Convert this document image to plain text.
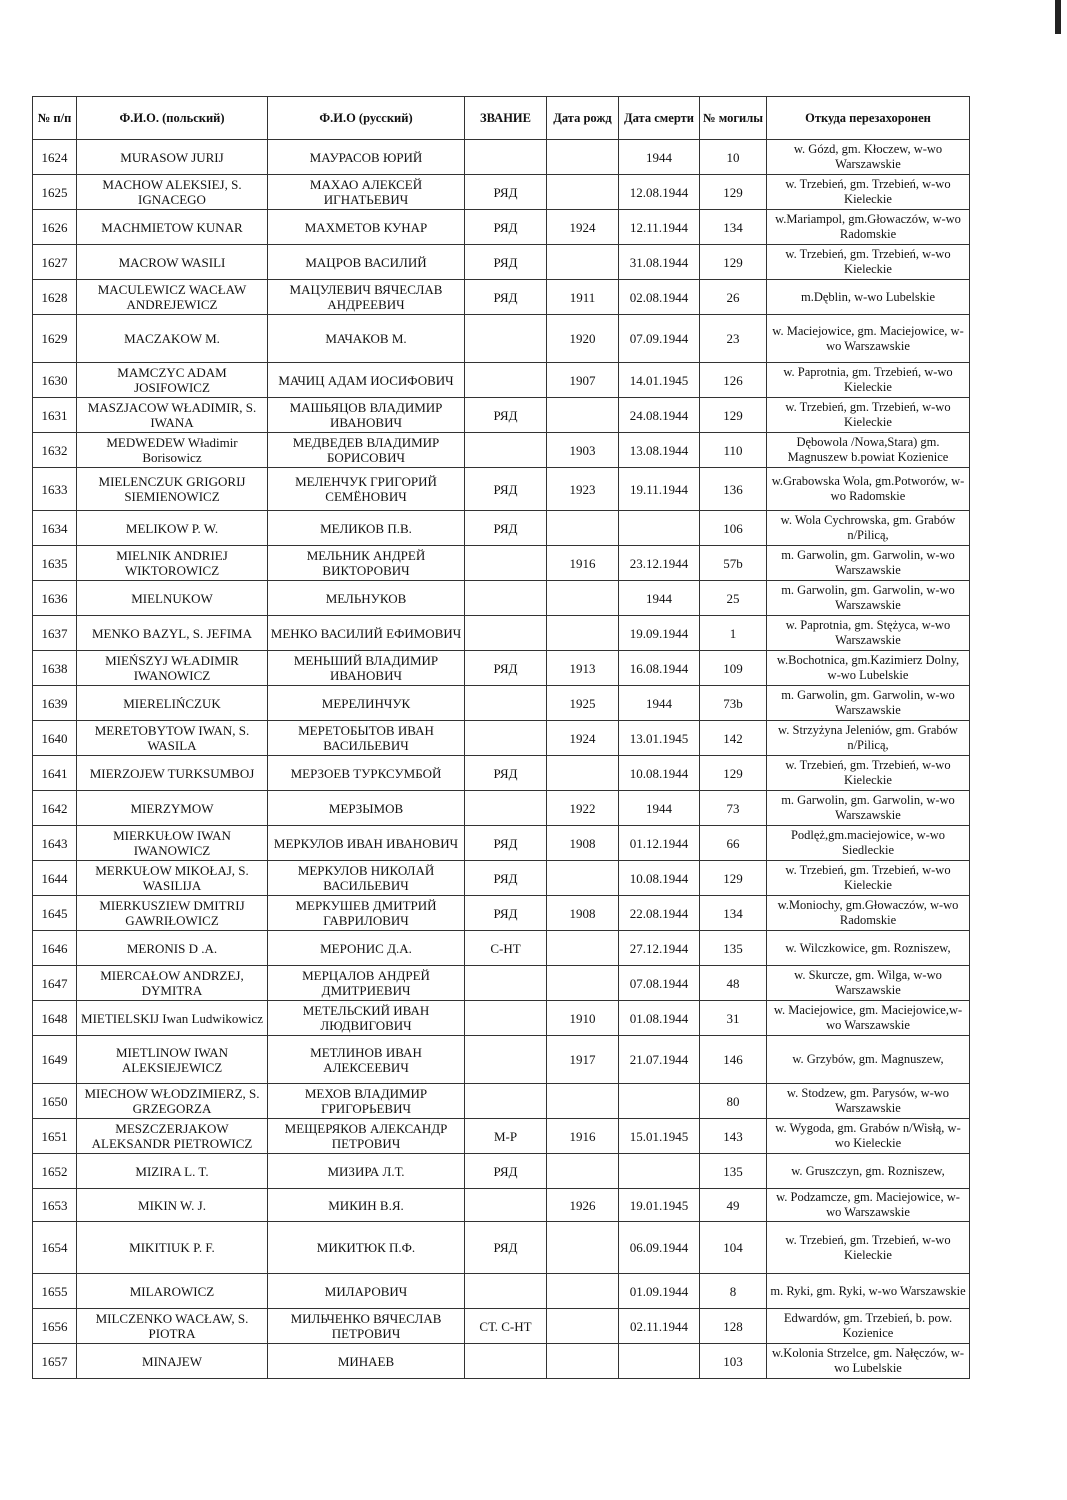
№ п/п	Ф.И.О. (польский)	Ф.И.О (русский)	ЗВАНИЕ	Дата рожд	Дата смерти	№ могилы	Откуда перезахоронен
1624	MURASOW JURIJ	МАУРАСОВ ЮРИЙ			1944	10	w. Gózd, gm. Kłoczew, w-wo Warszawskie
1625	MACHOW ALEKSIEJ, S. IGNACEGO	МАХАО АЛЕКСЕЙ ИГНАТЬЕВИЧ	РЯД		12.08.1944	129	w. Trzebień, gm. Trzebień, w-wo Kieleckie
1626	MACHMIETOW KUNAR	МАХМЕТОВ КУНАР	РЯД	1924	12.11.1944	134	w.Mariampol, gm.Głowaczów, w-wo Radomskie
1627	MACROW WASILI	МАЦРОВ ВАСИЛИЙ	РЯД		31.08.1944	129	w. Trzebień, gm. Trzebień, w-wo Kieleckie
1628	MACULEWICZ WACŁAW ANDREJEWICZ	МАЦУЛЕВИЧ ВЯЧЕСЛАВ АНДРЕЕВИЧ	РЯД	1911	02.08.1944	26	m.Dęblin, w-wo Lubelskie
1629	MACZAKOW M.	МАЧАКОВ М.		1920	07.09.1944	23	w. Maciejowice, gm. Maciejowice, w-wo Warszawskie
1630	MAMCZYC ADAM JOSIFOWICZ	МАЧИЦ АДАМ ИОСИФОВИЧ		1907	14.01.1945	126	w. Paprotnia, gm. Trzebień, w-wo Kieleckie
1631	MASZJACOW WŁADIMIR, S. IWANA	МАШЬЯЦОВ ВЛАДИМИР ИВАНОВИЧ	РЯД		24.08.1944	129	w. Trzebień, gm. Trzebień, w-wo Kieleckie
1632	MEDWEDEW Władimir Borisowicz	МЕДВЕДЕВ ВЛАДИМИР БОРИСОВИЧ		1903	13.08.1944	110	Dębowola /Nowa,Stara) gm. Magnuszew b.powiat Kozienice
1633	MIELENCZUK GRIGORIJ SIEMIENOWICZ	МЕЛЕНЧУК ГРИГОРИЙ СЕМЁНОВИЧ	РЯД	1923	19.11.1944	136	w.Grabowska Wola, gm.Potworów, w-wo Radomskie
1634	MELIKOW P. W.	МЕЛИКОВ П.В.	РЯД			106	w. Wola Cychrowska, gm. Grabów n/Pilicą,
1635	MIELNIK ANDRIEJ WIKTOROWICZ	МЕЛЬНИК АНДРЕЙ ВИКТОРОВИЧ		1916	23.12.1944	57b	m. Garwolin, gm. Garwolin, w-wo Warszawskie
1636	MIELNUKOW	МЕЛЬНУКОВ			1944	25	m. Garwolin, gm. Garwolin, w-wo Warszawskie
1637	MENKO BAZYL, S. JEFIMA	МЕНКО ВАСИЛИЙ ЕФИМОВИЧ			19.09.1944	1	w. Paprotnia, gm. Stężyca, w-wo Warszawskie
1638	MIEŃSZYJ WŁADIMIR IWANOWICZ	МЕНЬШИЙ ВЛАДИМИР ИВАНОВИЧ	РЯД	1913	16.08.1944	109	w.Bochotnica, gm.Kazimierz Dolny, w-wo Lubelskie
1639	MIERELIŃCZUK	МЕРЕЛИНЧУК		1925	1944	73b	m. Garwolin, gm. Garwolin, w-wo Warszawskie
1640	MERETOBYTOW IWAN, S. WASILA	МЕРЕТОБЫТОВ ИВАН ВАСИЛЬЕВИЧ		1924	13.01.1945	142	w. Strzyżyna Jeleniów, gm. Grabów n/Pilicą,
1641	MIERZOJEW TURKSUMBOJ	МЕРЗОЕВ ТУРКСУМБОЙ	РЯД		10.08.1944	129	w. Trzebień, gm. Trzebień, w-wo Kieleckie
1642	MIERZYMOW	МЕРЗЫМОВ		1922	1944	73	m. Garwolin, gm. Garwolin, w-wo Warszawskie
1643	MIERKUŁOW IWAN IWANOWICZ	МЕРКУЛОВ ИВАН ИВАНОВИЧ	РЯД	1908	01.12.1944	66	Podlęż,gm.maciejowice, w-wo Siedleckie
1644	MERKUŁOW MIKOŁAJ, S. WASILIJA	МЕРКУЛОВ НИКОЛАЙ ВАСИЛЬЕВИЧ	РЯД		10.08.1944	129	w. Trzebień, gm. Trzebień, w-wo Kieleckie
1645	MIERKUSZIEW DMITRIJ GAWRIŁOWICZ	МЕРКУШЕВ ДМИТРИЙ ГАВРИЛОВИЧ	РЯД	1908	22.08.1944	134	w.Moniochy, gm.Głowaczów, w-wo Radomskie
1646	MERONIS D .A.	МЕРОНИС Д.А.	С-НТ		27.12.1944	135	w. Wilczkowice, gm. Rozniszew,
1647	MIERCAŁOW ANDRZEJ, DYMITRA	МЕРЦАЛОВ АНДРЕЙ ДМИТРИЕВИЧ			07.08.1944	48	w. Skurcze, gm. Wilga, w-wo Warszawskie
1648	MIETIELSKIJ Iwan Ludwikowicz	МЕТЕЛЬСКИЙ ИВАН ЛЮДВИГОВИЧ		1910	01.08.1944	31	w. Maciejowice, gm. Maciejowice,w-wo Warszawskie
1649	MIETLINOW IWAN ALEKSIEJEWICZ	МЕТЛИНОВ ИВАН АЛЕКСЕЕВИЧ		1917	21.07.1944	146	w. Grzybów, gm. Magnuszew,
1650	MIECHOW WŁODZIMIERZ, S. GRZEGORZA	МЕХОВ ВЛАДИМИР ГРИГОРЬЕВИЧ				80	w. Stodzew, gm. Parysów, w-wo Warszawskie
1651	MESZCZERJAKOW ALEKSANDR PIETROWICZ	МЕЩЕРЯКОВ АЛЕКСАНДР ПЕТРОВИЧ	М-Р	1916	15.01.1945	143	w. Wygoda, gm. Grabów n/Wisłą, w-wo Kieleckie
1652	MIZIRA L. T.	МИЗИРА Л.Т.	РЯД			135	w. Gruszczyn, gm. Rozniszew,
1653	MIKIN W. J.	МИКИН В.Я.		1926	19.01.1945	49	w. Podzamcze, gm. Maciejowice, w-wo Warszawskie
1654	MIKITIUK P. F.	МИКИТЮК П.Ф.	РЯД		06.09.1944	104	w. Trzebień, gm. Trzebień, w-wo Kieleckie
1655	MILAROWICZ	МИЛАРОВИЧ			01.09.1944	8	m. Ryki, gm. Ryki, w-wo Warszawskie
1656	MILCZENKO WACŁAW, S. PIOTRA	МИЛЬЧЕНКО ВЯЧЕСЛАВ ПЕТРОВИЧ	СТ. С-НТ		02.11.1944	128	Edwardów, gm. Trzebień, b. pow. Kozienice
1657	MINAJEW	МИНАЕВ				103	w.Kolonia Strzelce, gm. Nałęczów, w-wo Lubelskie
